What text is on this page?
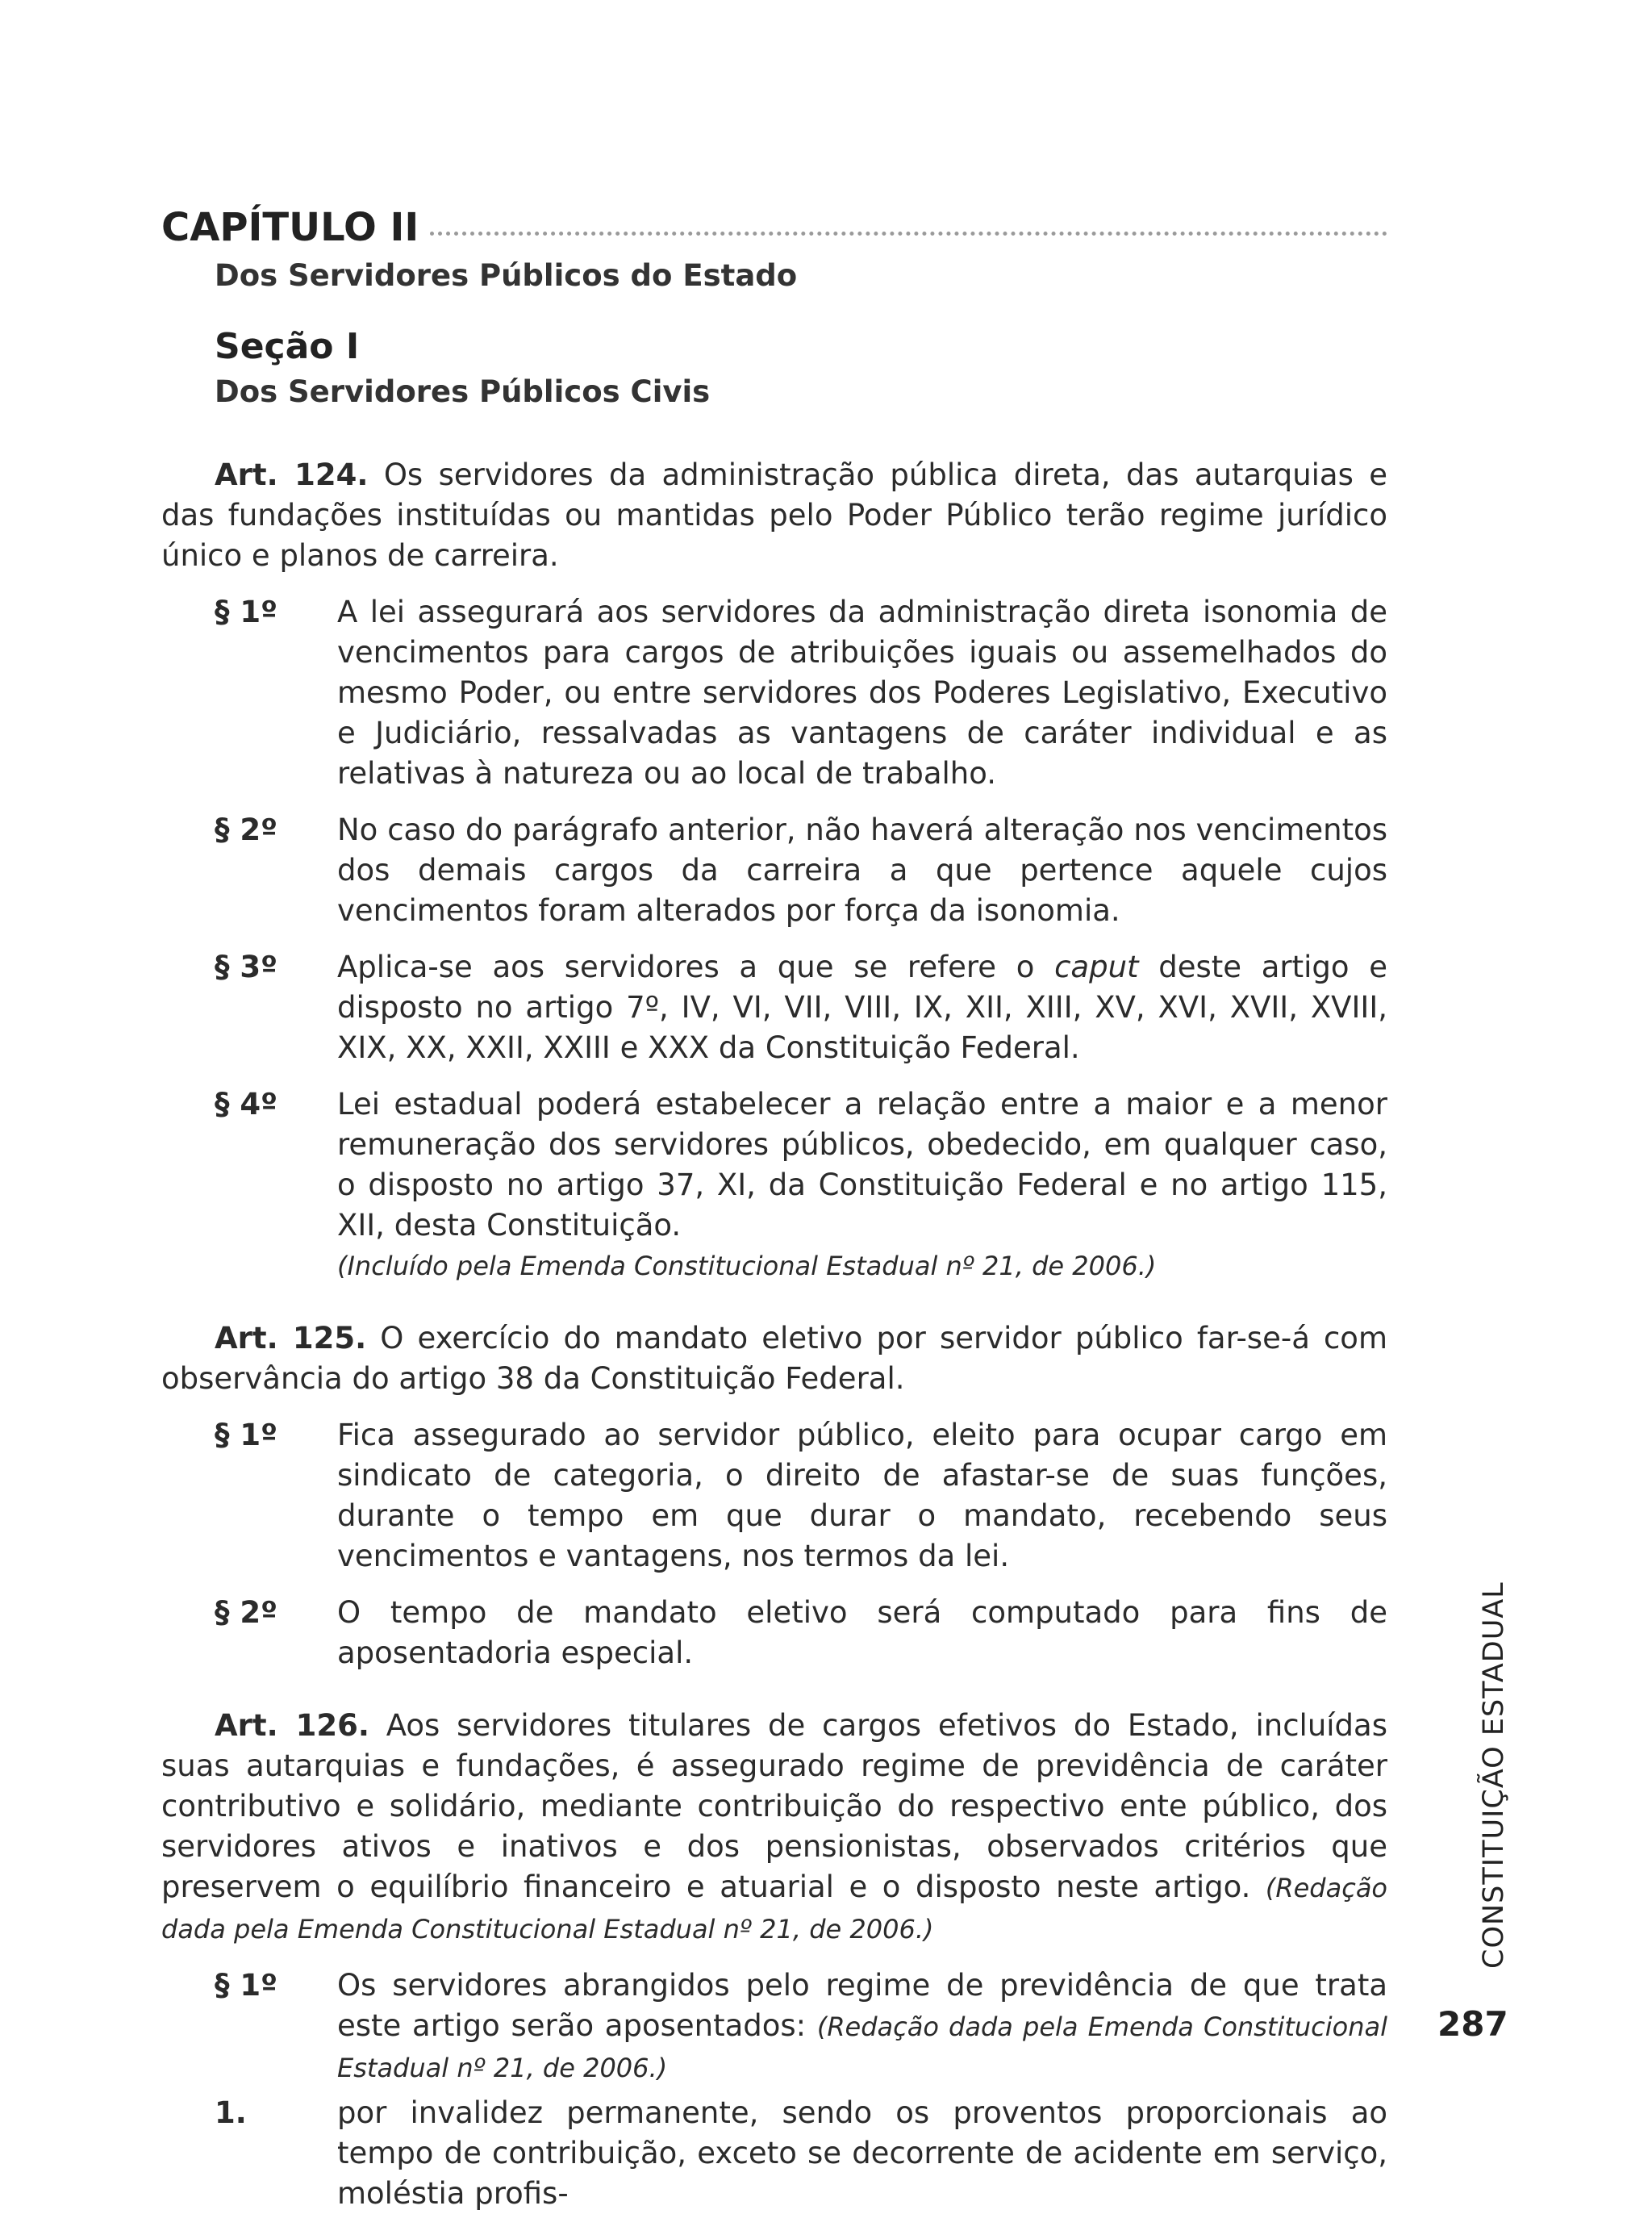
CAPÍTULO II
Dos Servidores Públicos do Estado
Seção I
Dos Servidores Públicos Civis
Art. 124. Os servidores da administração pública direta, das autarquias e das fundações instituídas ou mantidas pelo Poder Público terão regime jurídico único e planos de carreira.
§ 1º	A lei assegurará aos servidores da administração direta isonomia de vencimentos para cargos de atribuições iguais ou assemelhados do mesmo Poder, ou entre servidores dos Poderes Legislativo, Executivo e Judiciário, ressalvadas as vantagens de caráter individual e as relativas à natureza ou ao local de trabalho.
§ 2º	No caso do parágrafo anterior, não haverá alteração nos vencimentos dos demais cargos da carreira a que pertence aquele cujos vencimentos foram alterados por força da isonomia.
§ 3º	Aplica-se aos servidores a que se refere o caput deste artigo e disposto no artigo 7º, IV, VI, VII, VIII, IX, XII, XIII, XV, XVI, XVII, XVIII, XIX, XX, XXII, XXIII e XXX da Constituição Federal.
§ 4º	Lei estadual poderá estabelecer a relação entre a maior e a menor remuneração dos servidores públicos, obedecido, em qualquer caso, o disposto no artigo 37, XI, da Constituição Federal e no artigo 115, XII, desta Constituição.
(Incluído pela Emenda Constitucional Estadual nº 21, de 2006.)
Art. 125. O exercício do mandato eletivo por servidor público far-se-á com observância do artigo 38 da Constituição Federal.
§ 1º	Fica assegurado ao servidor público, eleito para ocupar cargo em sindicato de categoria, o direito de afastar-se de suas funções, durante o tempo em que durar o mandato, recebendo seus vencimentos e vantagens, nos termos da lei.
§ 2º	O tempo de mandato eletivo será computado para fins de aposentadoria especial.
Art. 126. Aos servidores titulares de cargos efetivos do Estado, incluídas suas autarquias e fundações, é assegurado regime de previdência de caráter contributivo e solidário, mediante contribuição do respectivo ente público, dos servidores ativos e inativos e dos pensionistas, observados critérios que preservem o equilíbrio financeiro e atuarial e o disposto neste artigo. (Redação dada pela Emenda Constitucional Estadual nº 21, de 2006.)
§ 1º	Os servidores abrangidos pelo regime de previdência de que trata este artigo serão aposentados: (Redação dada pela Emenda Constitucional Estadual nº 21, de 2006.)
1.	por invalidez permanente, sendo os proventos proporcionais ao tempo de contribuição, exceto se decorrente de acidente em serviço, moléstia profis-
CONSTITUIÇÃO ESTADUAL
287
